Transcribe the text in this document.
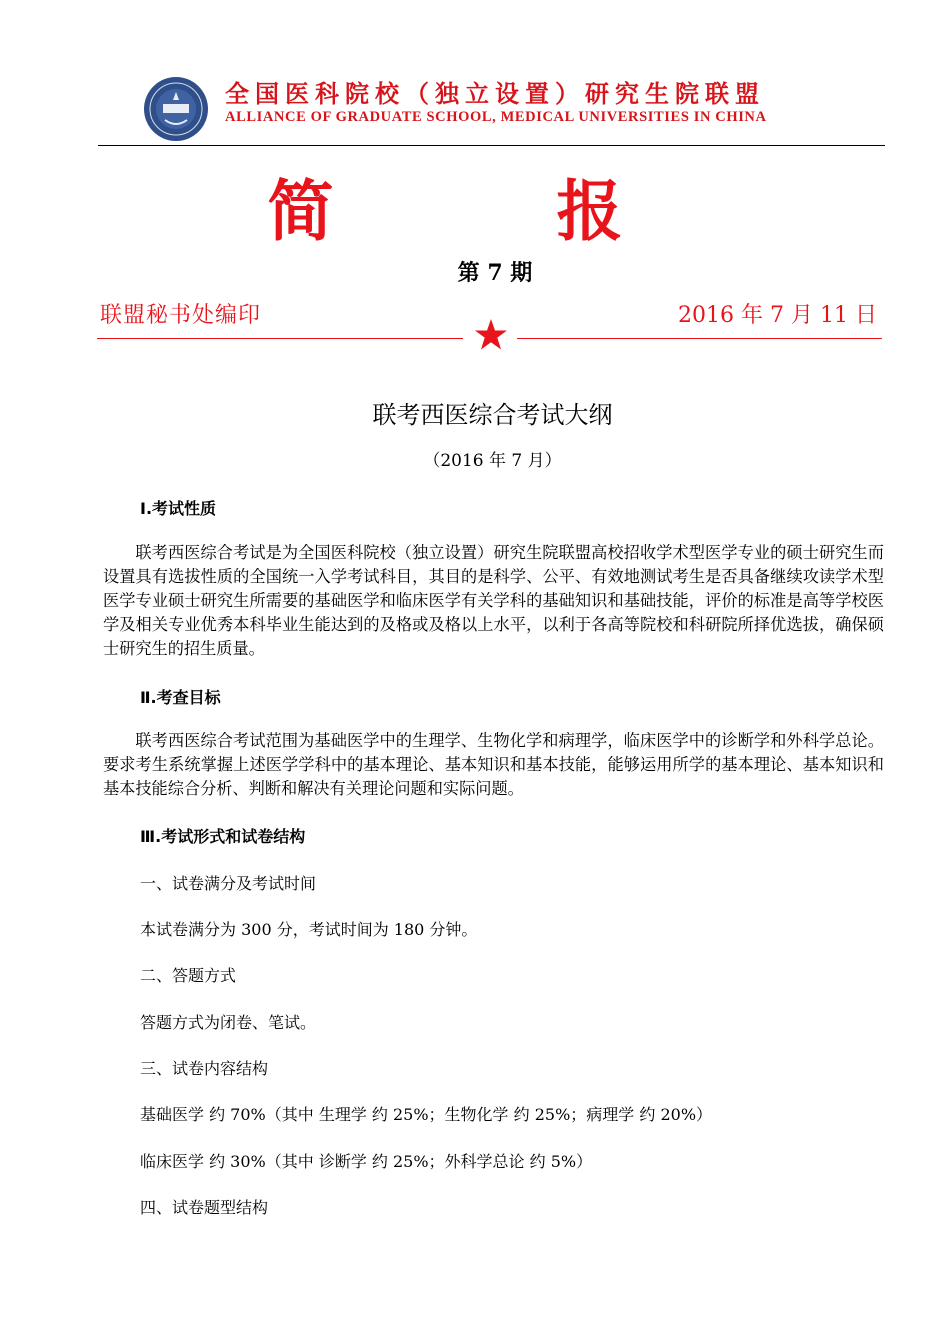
全国医科院校（独立设置）研究生院联盟
ALLIANCE OF GRADUATE SCHOOL, MEDICAL UNIVERSITIES IN CHINA
简 报
第 7 期
联盟秘书处编印	2016 年 7 月 11 日
联考西医综合考试大纲
（2016 年 7 月）
Ⅰ.考试性质
联考西医综合考试是为全国医科院校（独立设置）研究生院联盟高校招收学术型医学专业的硕士研究生而设置具有选拔性质的全国统一入学考试科目，其目的是科学、公平、有效地测试考生是否具备继续攻读学术型医学专业硕士研究生所需要的基础医学和临床医学有关学科的基础知识和基础技能，评价的标准是高等学校医学及相关专业优秀本科毕业生能达到的及格或及格以上水平，以利于各高等院校和科研院所择优选拔，确保硕士研究生的招生质量。
Ⅱ.考查目标
联考西医综合考试范围为基础医学中的生理学、生物化学和病理学，临床医学中的诊断学和外科学总论。要求考生系统掌握上述医学学科中的基本理论、基本知识和基本技能，能够运用所学的基本理论、基本知识和基本技能综合分析、判断和解决有关理论问题和实际问题。
Ⅲ.考试形式和试卷结构
一、试卷满分及考试时间
本试卷满分为 300 分，考试时间为 180 分钟。
二、答题方式
答题方式为闭卷、笔试。
三、试卷内容结构
基础医学 约 70%（其中 生理学 约 25%；生物化学 约 25%；病理学 约 20%）
临床医学 约 30%（其中 诊断学 约 25%；外科学总论 约 5%）
四、试卷题型结构
